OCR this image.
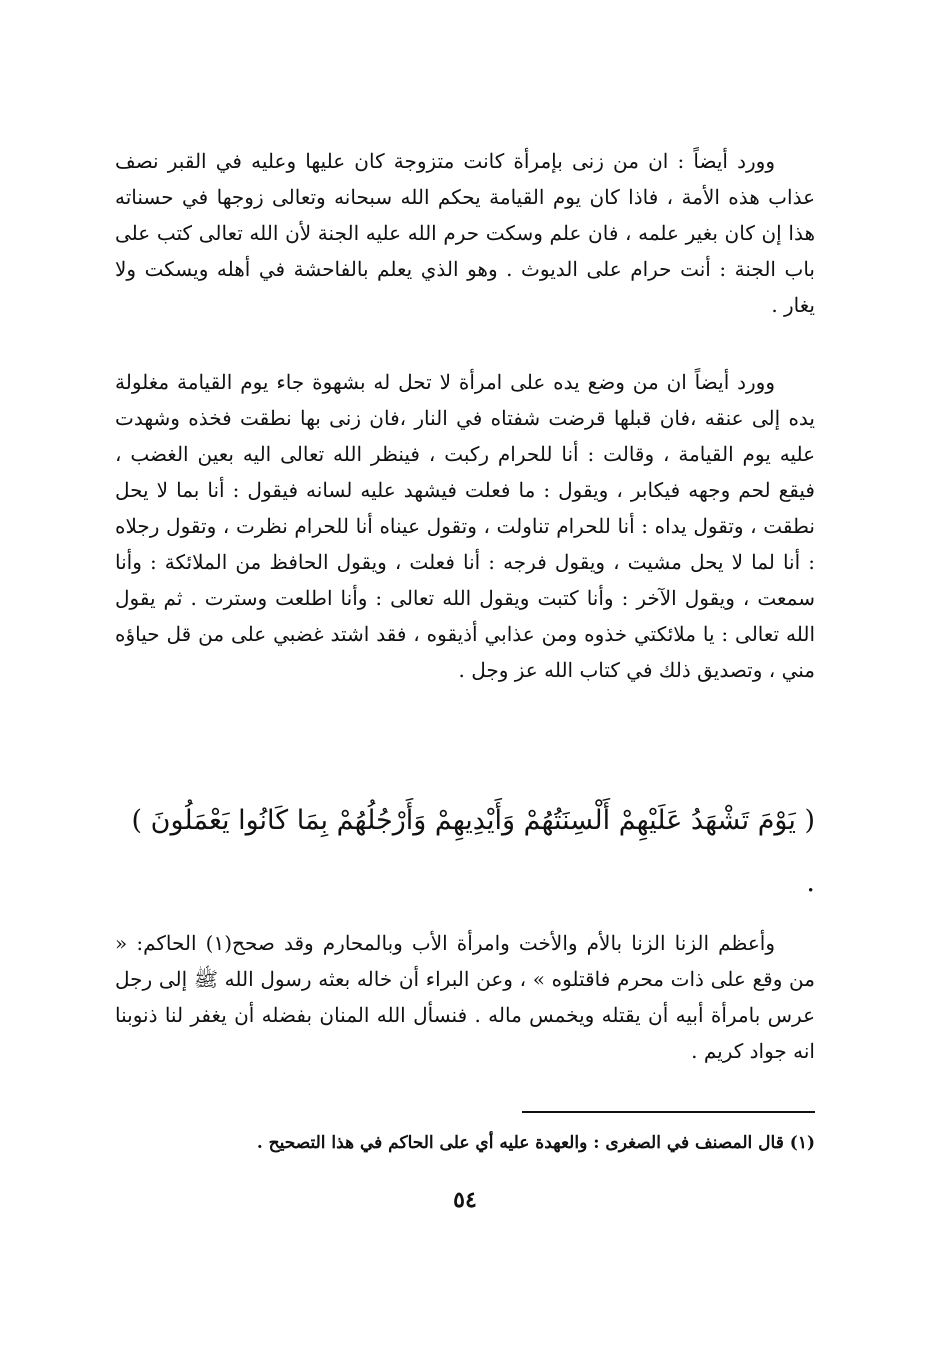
وورد أيضاً : ان من زنى بإمرأة كانت متزوجة كان عليها وعليه في القبر نصف عذاب هذه الأمة ، فاذا كان يوم القيامة يحكم الله سبحانه وتعالى زوجها في حسناته هذا إن كان بغير علمه ، فان علم وسكت حرم الله عليه الجنة لأن الله تعالى كتب على باب الجنة : أنت حرام على الديوث . وهو الذي يعلم بالفاحشة في أهله ويسكت ولا يغار .

وورد أيضاً ان من وضع يده على امرأة لا تحل له بشهوة جاء يوم القيامة مغلولة يده إلى عنقه ،فان قبلها قرضت شفتاه في النار ،فان زنى بها نطقت فخذه وشهدت عليه يوم القيامة ، وقالت : أنا للحرام ركبت ، فينظر الله تعالى اليه بعين الغضب ، فيقع لحم وجهه فيكابر ، ويقول : ما فعلت فيشهد عليه لسانه فيقول : أنا بما لا يحل نطقت ، وتقول يداه : أنا للحرام تناولت ، وتقول عيناه أنا للحرام نظرت ، وتقول رجلاه : أنا لما لا يحل مشيت ، ويقول فرجه : أنا فعلت ، ويقول الحافظ من الملائكة : وأنا سمعت ، ويقول الآخر : وأنا كتبت ويقول الله تعالى : وأنا اطلعت وسترت . ثم يقول الله تعالى : يا ملائكتي خذوه ومن عذابي أذيقوه ، فقد اشتد غضبي على من قل حياؤه مني ، وتصديق ذلك في كتاب الله عز وجل .

( يَوْمَ تَشْهَدُ عَلَيْهِمْ أَلْسِنَتُهُمْ وَأَيْدِيهِمْ وَأَرْجُلُهُمْ بِمَا كَانُوا يَعْمَلُونَ ) .

وأعظم الزنا الزنا بالأم والأخت وامرأة الأب وبالمحارم وقد صحح(١) الحاكم: « من وقع على ذات محرم فاقتلوه » ، وعن البراء أن خاله بعثه رسول الله ﷺ إلى رجل عرس بامرأة أبيه أن يقتله ويخمس ماله . فنسأل الله المنان بفضله أن يغفر لنا ذنوبنا انه جواد كريم .

(١) قال المصنف في الصغرى : والعهدة عليه أي على الحاكم في هذا التصحيح .
٥٤
